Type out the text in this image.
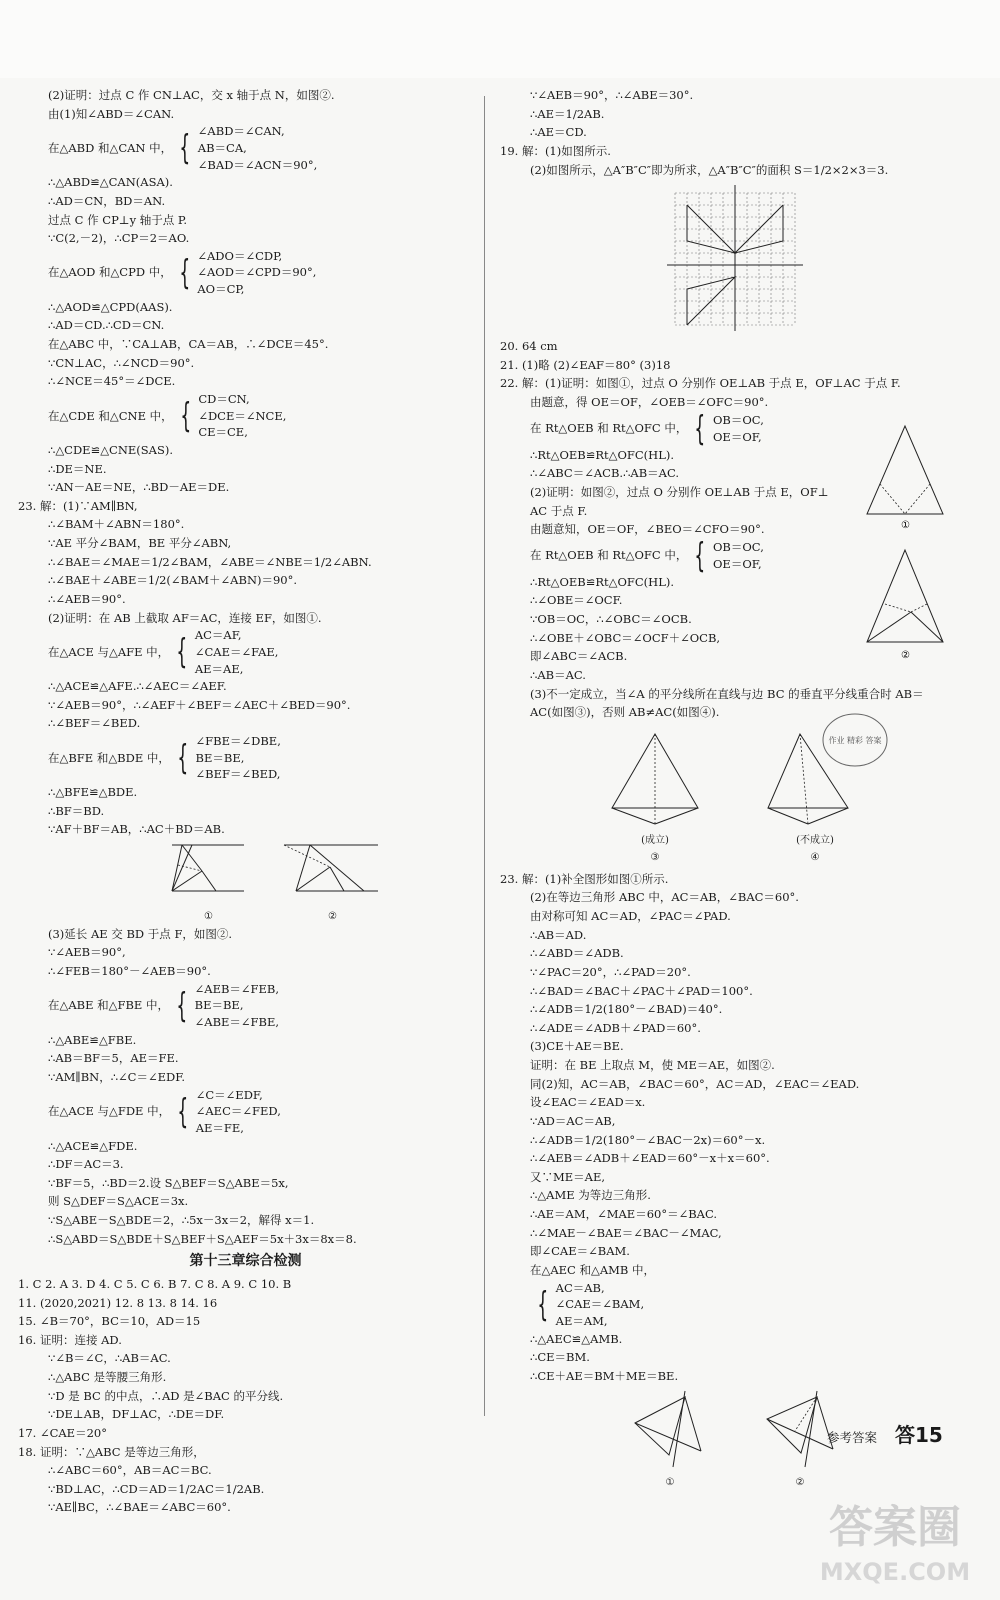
(2)证明：过点 C 作 CN⊥AC，交 x 轴于点 N，如图②.
由(1)知∠ABD＝∠CAN.
在△ABD 和△CAN 中， { ∠ABD＝∠CAN,
AB＝CA,
∠BAD＝∠ACN＝90°,
∴△ABD≌△CAN(ASA).
∴AD＝CN，BD＝AN.
过点 C 作 CP⊥y 轴于点 P.
∵C(2,－2)，∴CP＝2＝AO.
在△AOD 和△CPD 中， { ∠ADO＝∠CDP,
∠AOD＝∠CPD＝90°,
AO＝CP,
∴△AOD≌△CPD(AAS).
∴AD＝CD.∴CD＝CN.
在△ABC 中，∵CA⊥AB，CA＝AB，∴∠DCE＝45°.
∵CN⊥AC，∴∠NCD＝90°.
∴∠NCE＝45°＝∠DCE.
在△CDE 和△CNE 中， { CD＝CN,
∠DCE＝∠NCE,
CE＝CE,
∴△CDE≌△CNE(SAS).
∴DE＝NE.
∵AN－AE＝NE，∴BD－AE＝DE.
23. 解：(1)∵AM∥BN,
∴∠BAM＋∠ABN＝180°.
∵AE 平分∠BAM，BE 平分∠ABN,
∴∠BAE＝∠MAE＝1/2∠BAM，∠ABE＝∠NBE＝1/2∠ABN.
∴∠BAE＋∠ABE＝1/2(∠BAM＋∠ABN)＝90°.
∴∠AEB＝90°.
(2)证明：在 AB 上截取 AF＝AC，连接 EF，如图①.
在△ACE 与△AFE 中， { AC＝AF,
∠CAE＝∠FAE,
AE＝AE,
∴△ACE≌△AFE.∴∠AEC＝∠AEF.
∵∠AEB＝90°，∴∠AEF＋∠BEF＝∠AEC＋∠BED＝90°.
∴∠BEF＝∠BED.
在△BFE 和△BDE 中， { ∠FBE＝∠DBE,
BE＝BE,
∠BEF＝∠BED,
∴△BFE≌△BDE.
∴BF＝BD.
∵AF＋BF＝AB，∴AC＋BD＝AB.
①	②
(3)延长 AE 交 BD 于点 F，如图②.
∵∠AEB＝90°,
∴∠FEB＝180°－∠AEB＝90°.
在△ABE 和△FBE 中， { ∠AEB＝∠FEB,
BE＝BE,
∠ABE＝∠FBE,
∴△ABE≌△FBE.
∴AB＝BF＝5，AE＝FE.
∵AM∥BN，∴∠C＝∠EDF.
在△ACE 与△FDE 中， { ∠C＝∠EDF,
∠AEC＝∠FED,
AE＝FE,
∴△ACE≌△FDE.
∴DF＝AC＝3.
∵BF＝5，∴BD＝2.设 S△BEF＝S△ABE＝5x,
则 S△DEF＝S△ACE＝3x.
∵S△ABE－S△BDE＝2，∴5x－3x＝2，解得 x＝1.
∴S△ABD＝S△BDE＋S△BEF＋S△AEF＝5x＋3x＝8x＝8.
第十三章综合检测
1. C 2. A 3. D 4. C 5. C 6. B 7. C 8. A 9. C 10. B
11. (2020,2021) 12. 8 13. 8 14. 16
15. ∠B＝70°，BC＝10，AD＝15
16. 证明：连接 AD.
∵∠B＝∠C，∴AB＝AC.
∴△ABC 是等腰三角形.
∵D 是 BC 的中点，∴AD 是∠BAC 的平分线.
∵DE⊥AB，DF⊥AC，∴DE＝DF.
17. ∠CAE＝20°
18. 证明：∵△ABC 是等边三角形，
∴∠ABC＝60°，AB＝AC＝BC.
∵BD⊥AC，∴CD＝AD＝1/2AC＝1/2AB.
∵AE∥BC，∴∠BAE＝∠ABC＝60°.
∵∠AEB＝90°，∴∠ABE＝30°.
∴AE＝1/2AB.
∴AE＝CD.
19. 解：(1)如图所示.
(2)如图所示，△A″B″C″即为所求，△A″B″C″的面积 S＝1/2×2×3＝3.
20. 64 cm
21. (1)略 (2)∠EAF＝80° (3)18
22. 解：(1)证明：如图①，过点 O 分别作 OE⊥AB 于点 E，OF⊥AC 于点 F.
由题意，得 OE＝OF，∠OEB＝∠OFC＝90°.
在 Rt△OEB 和 Rt△OFC 中， { OB＝OC,
OE＝OF,
∴Rt△OEB≌Rt△OFC(HL).
∴∠ABC＝∠ACB.∴AB＝AC.
(2)证明：如图②，过点 O 分别作 OE⊥AB 于点 E，OF⊥
AC 于点 F.
由题意知，OE＝OF，∠BEO＝∠CFO＝90°.
在 Rt△OEB 和 Rt△OFC 中， { OB＝OC,
OE＝OF,
∴Rt△OEB≌Rt△OFC(HL).
∴∠OBE＝∠OCF.
∵OB＝OC，∴∠OBC＝∠OCB.
∴∠OBE＋∠OBC＝∠OCF＋∠OCB,
即∠ABC＝∠ACB.
∴AB＝AC.
(3)不一定成立，当∠A 的平分线所在直线与边 BC 的垂直平分线重合时 AB＝
AC(如图③)，否则 AB≠AC(如图④).
①
②
(成立)
③
(不成立)
④
作业 精彩 答案
23. 解：(1)补全图形如图①所示.
(2)在等边三角形 ABC 中，AC＝AB，∠BAC＝60°.
由对称可知 AC＝AD，∠PAC＝∠PAD.
∴AB＝AD.
∴∠ABD＝∠ADB.
∵∠PAC＝20°，∴∠PAD＝20°.
∴∠BAD＝∠BAC＋∠PAC＋∠PAD＝100°.
∴∠ADB＝1/2(180°－∠BAD)＝40°.
∴∠ADE＝∠ADB＋∠PAD＝60°.
(3)CE＋AE＝BE.
证明：在 BE 上取点 M，使 ME＝AE，如图②.
同(2)知，AC＝AB，∠BAC＝60°，AC＝AD，∠EAC＝∠EAD.
设∠EAC＝∠EAD＝x.
∵AD＝AC＝AB,
∴∠ADB＝1/2(180°－∠BAC－2x)＝60°－x.
∴∠AEB＝∠ADB＋∠EAD＝60°－x＋x＝60°.
又∵ME＝AE,
∴△AME 为等边三角形.
∴AE＝AM，∠MAE＝60°＝∠BAC.
∴∠MAE－∠BAE＝∠BAC－∠MAC,
即∠CAE＝∠BAM.
在△AEC 和△AMB 中，
{ AC＝AB,
∠CAE＝∠BAM,
AE＝AM,
∴△AEC≌△AMB.
∴CE＝BM.
∴CE＋AE＝BM＋ME＝BE.
①	②
参考答案 答15
答案圈
MXQE.COM
